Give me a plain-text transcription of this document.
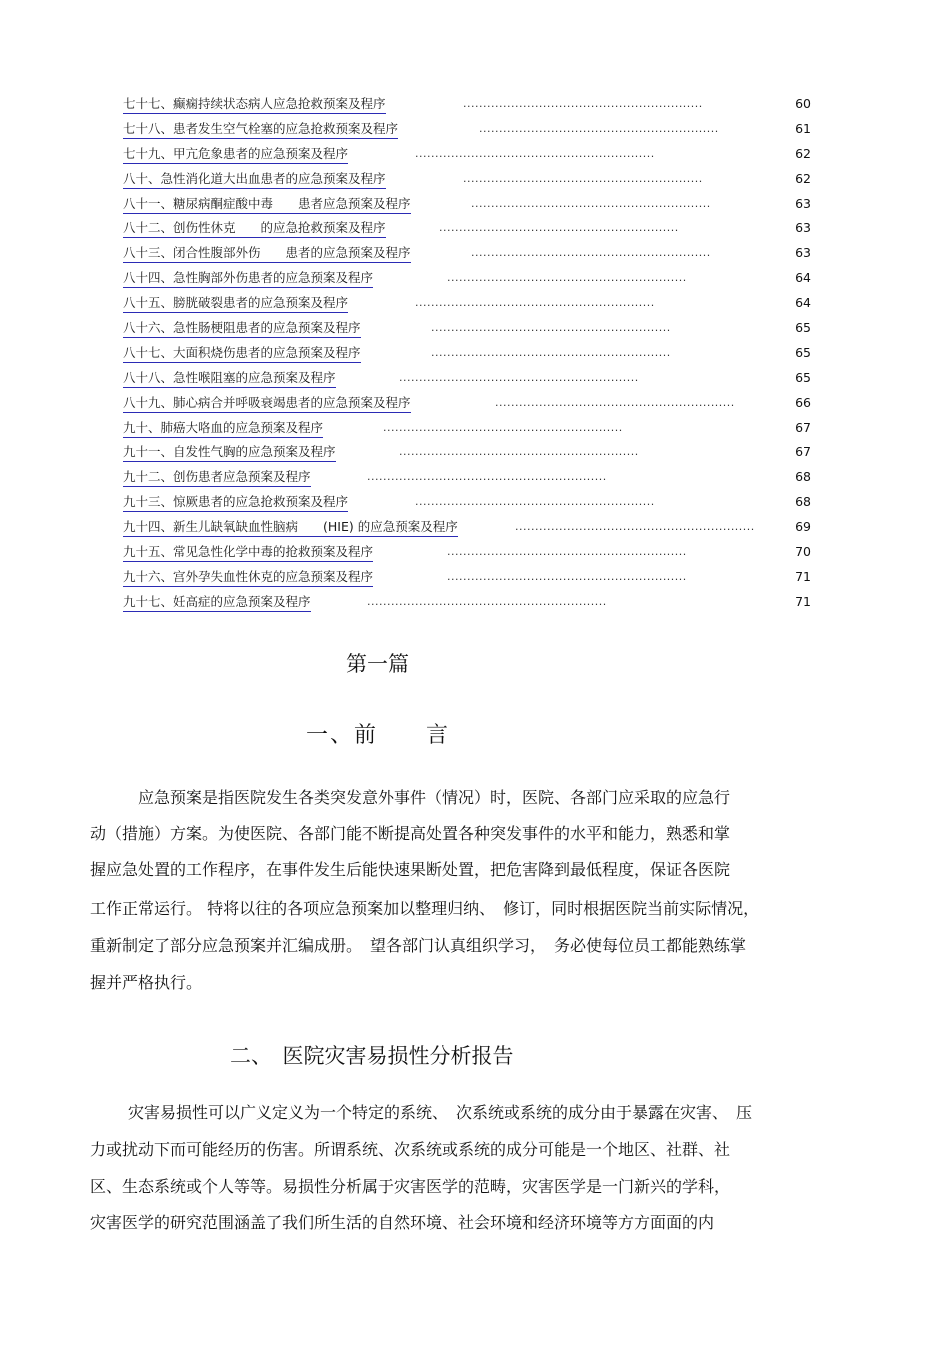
七十七、癫痫持续状态病人应急抢救预案及程序	............................................................	60
七十八、患者发生空气栓塞的应急抢救预案及程序	............................................................	61
七十九、甲亢危象患者的应急预案及程序	............................................................	62
八十、急性消化道大出血患者的应急预案及程序	............................................................	62
八十一、糖尿病酮症酸中毒　　患者应急预案及程序	............................................................	63
八十二、创伤性休克　　的应急抢救预案及程序	............................................................	63
八十三、闭合性腹部外伤　　患者的应急预案及程序	............................................................	63
八十四、急性胸部外伤患者的应急预案及程序	............................................................	64
八十五、膀胱破裂患者的应急预案及程序	............................................................	64
八十六、急性肠梗阻患者的应急预案及程序	............................................................	65
八十七、大面积烧伤患者的应急预案及程序	............................................................	65
八十八、急性喉阻塞的应急预案及程序	............................................................	65
八十九、肺心病合并呼吸衰竭患者的应急预案及程序	............................................................	66
九十、肺癌大咯血的应急预案及程序	............................................................	67
九十一、自发性气胸的应急预案及程序	............................................................	67
九十二、创伤患者应急预案及程序	............................................................	68
九十三、惊厥患者的应急抢救预案及程序	............................................................	68
九十四、新生儿缺氧缺血性脑病　　(HIE) 的应急预案及程序	............................................................	69
九十五、常见急性化学中毒的抢救预案及程序	............................................................	70
九十六、宫外孕失血性休克的应急预案及程序	............................................................	71
九十七、妊高症的应急预案及程序	............................................................	71
第一篇
一、前　　言
应急预案是指医院发生各类突发意外事件（情况）时，医院、各部门应采取的应急行
动（措施）方案。为使医院、各部门能不断提高处置各种突发事件的水平和能力，熟悉和掌
握应急处置的工作程序，在事件发生后能快速果断处置，把危害降到最低程度，保证各医院
工作正常运行。 特将以往的各项应急预案加以整理归纳、　修订，同时根据医院当前实际情况，
重新制定了部分应急预案并汇编成册。　望各部门认真组织学习，　务必使每位员工都能熟练掌
握并严格执行。
二、　医院灾害易损性分析报告
灾害易损性可以广义定义为一个特定的系统、　次系统或系统的成分由于暴露在灾害、　压
力或扰动下而可能经历的伤害。所谓系统、次系统或系统的成分可能是一个地区、社群、社
区、生态系统或个人等等。易损性分析属于灾害医学的范畴，灾害医学是一门新兴的学科，
灾害医学的研究范围涵盖了我们所生活的自然环境、社会环境和经济环境等方方面面的内
